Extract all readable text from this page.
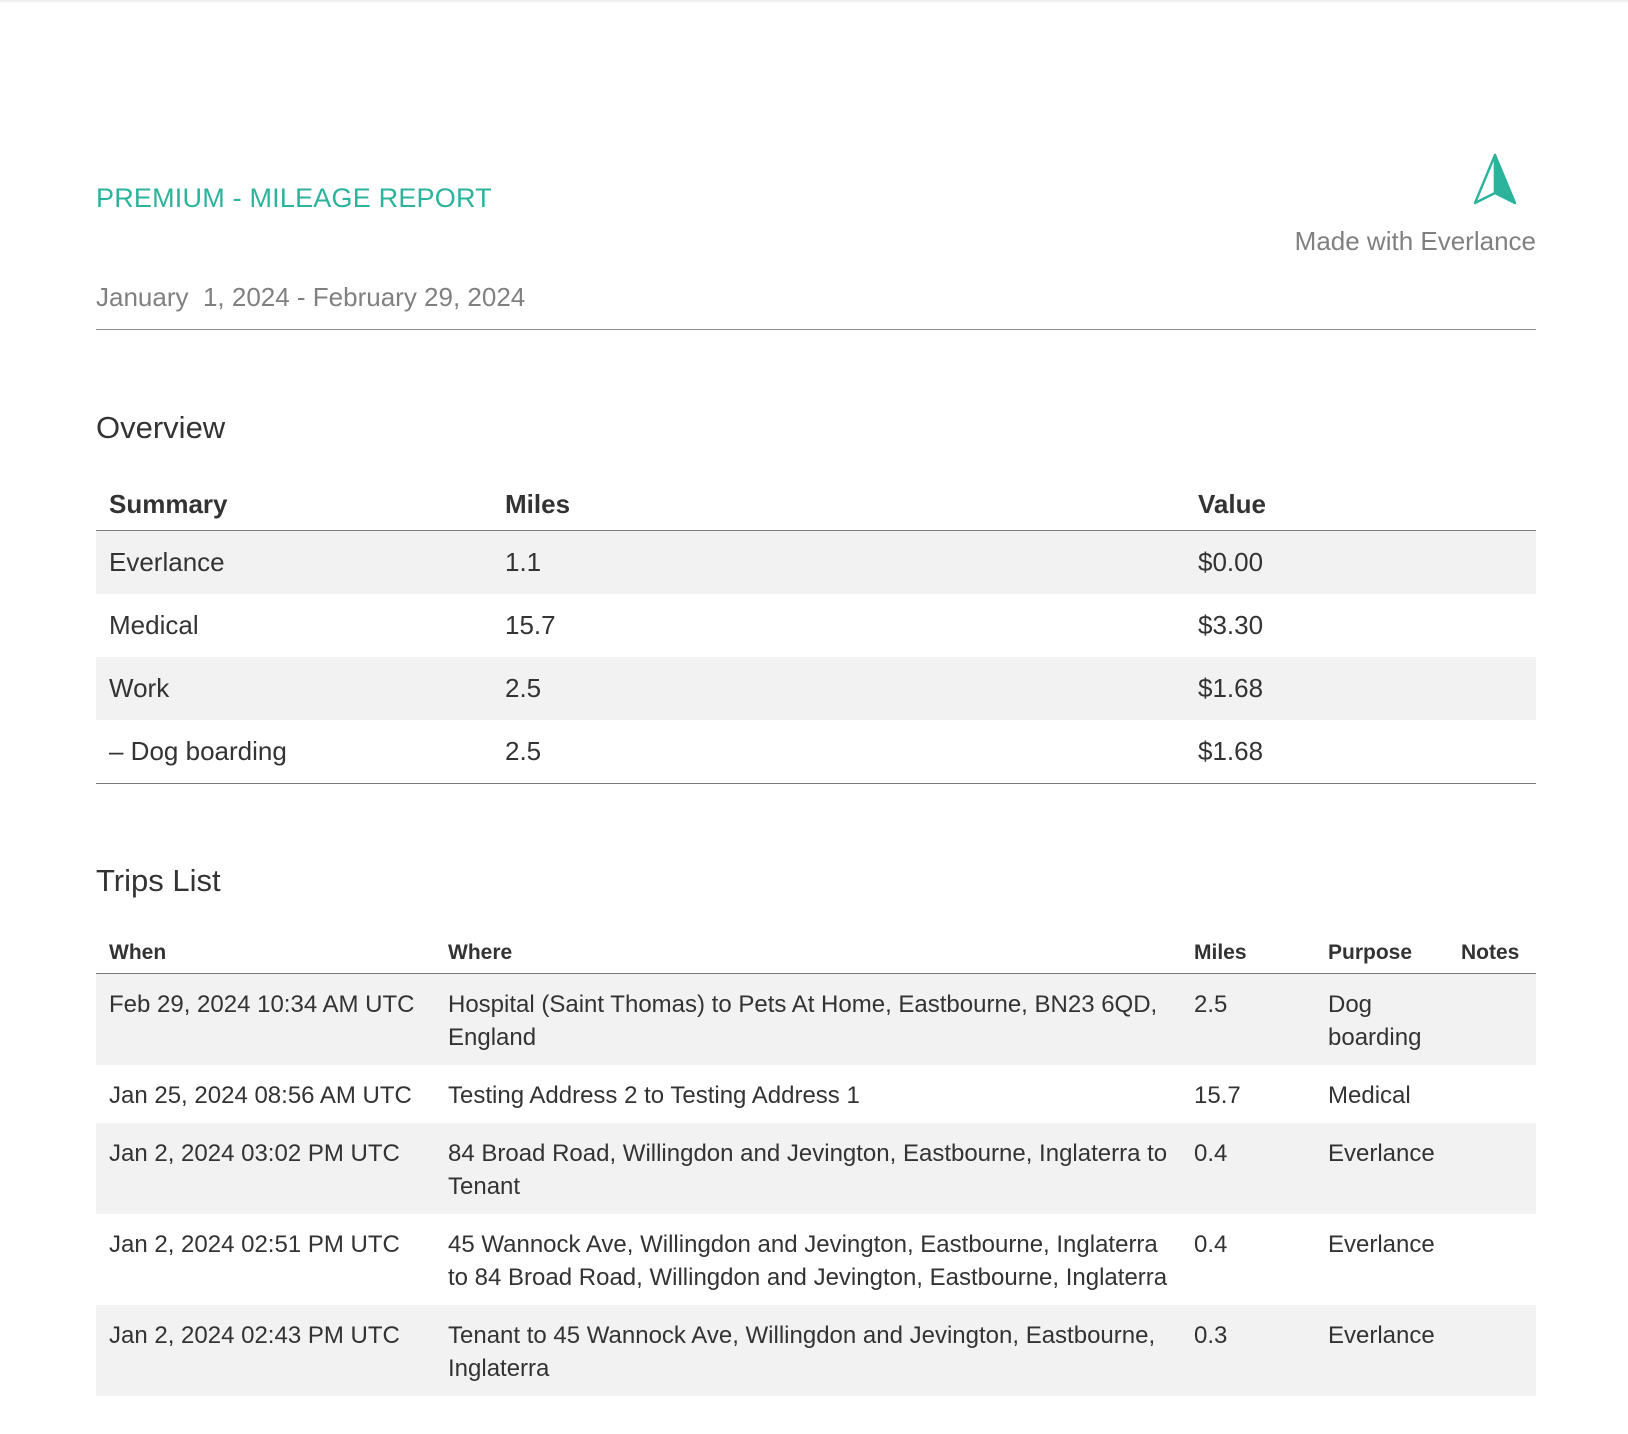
PREMIUM - MILEAGE REPORT
Made with Everlance
January  1, 2024 - February 29, 2024
Overview
Summary	Miles	Value
Everlance	1.1	$0.00
Medical	15.7	$3.30
Work	2.5	$1.68
– Dog boarding	2.5	$1.68
Trips List
When	Where	Miles	Purpose	Notes
Feb 29, 2024 10:34 AM UTC	Hospital (Saint Thomas) to Pets At Home, Eastbourne, BN23 6QD, England	2.5	Dog boarding	
Jan 25, 2024 08:56 AM UTC	Testing Address 2 to Testing Address 1	15.7	Medical	
Jan 2, 2024 03:02 PM UTC	84 Broad Road, Willingdon and Jevington, Eastbourne, Inglaterra to Tenant	0.4	Everlance	
Jan 2, 2024 02:51 PM UTC	45 Wannock Ave, Willingdon and Jevington, Eastbourne, Inglaterra to 84 Broad Road, Willingdon and Jevington, Eastbourne, Inglaterra	0.4	Everlance	
Jan 2, 2024 02:43 PM UTC	Tenant to 45 Wannock Ave, Willingdon and Jevington, Eastbourne, Inglaterra	0.3	Everlance	
